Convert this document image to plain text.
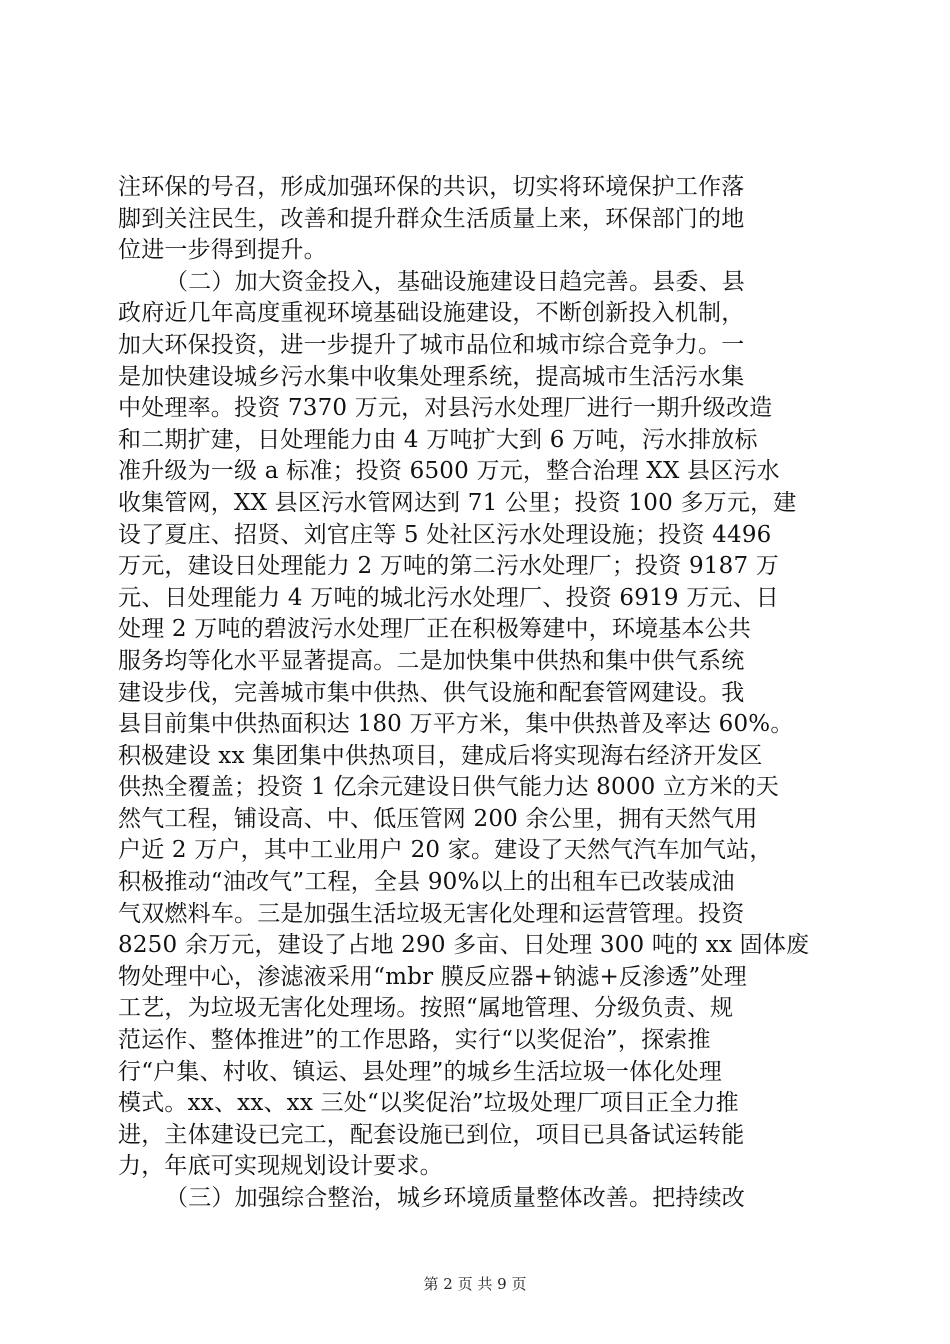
注环保的号召，形成加强环保的共识，切实将环境保护工作落
脚到关注民生，改善和提升群众生活质量上来，环保部门的地
位进一步得到提升。
（二）加大资金投入，基础设施建设日趋完善。县委、县
政府近几年高度重视环境基础设施建设，不断创新投入机制，
加大环保投资，进一步提升了城市品位和城市综合竞争力。一
是加快建设城乡污水集中收集处理系统，提高城市生活污水集
中处理率。投资 7370 万元，对县污水处理厂进行一期升级改造
和二期扩建，日处理能力由 4 万吨扩大到 6 万吨，污水排放标
准升级为一级 a 标准；投资 6500 万元，整合治理 XX 县区污水
收集管网，XX 县区污水管网达到 71 公里；投资 100 多万元，建
设了夏庄、招贤、刘官庄等 5 处社区污水处理设施；投资 4496
万元，建设日处理能力 2 万吨的第二污水处理厂；投资 9187 万
元、日处理能力 4 万吨的城北污水处理厂、投资 6919 万元、日
处理 2 万吨的碧波污水处理厂正在积极筹建中，环境基本公共
服务均等化水平显著提高。二是加快集中供热和集中供气系统
建设步伐，完善城市集中供热、供气设施和配套管网建设。我
县目前集中供热面积达 180 万平方米，集中供热普及率达 60%。
积极建设 xx 集团集中供热项目，建成后将实现海右经济开发区
供热全覆盖；投资 1 亿余元建设日供气能力达 8000 立方米的天
然气工程，铺设高、中、低压管网 200 余公里，拥有天然气用
户近 2 万户，其中工业用户 20 家。建设了天然气汽车加气站，
积极推动“油改气”工程，全县 90%以上的出租车已改装成油
气双燃料车。三是加强生活垃圾无害化处理和运营管理。投资
8250 余万元，建设了占地 290 多亩、日处理 300 吨的 xx 固体废
物处理中心，渗滤液采用“mbr 膜反应器+钠滤+反渗透”处理
工艺，为垃圾无害化处理场。按照“属地管理、分级负责、规
范运作、整体推进”的工作思路，实行“以奖促治”，探索推
行“户集、村收、镇运、县处理”的城乡生活垃圾一体化处理
模式。xx、xx、xx 三处“以奖促治”垃圾处理厂项目正全力推
进，主体建设已完工，配套设施已到位，项目已具备试运转能
力，年底可实现规划设计要求。
（三）加强综合整治，城乡环境质量整体改善。把持续改
第 2 页 共 9 页
